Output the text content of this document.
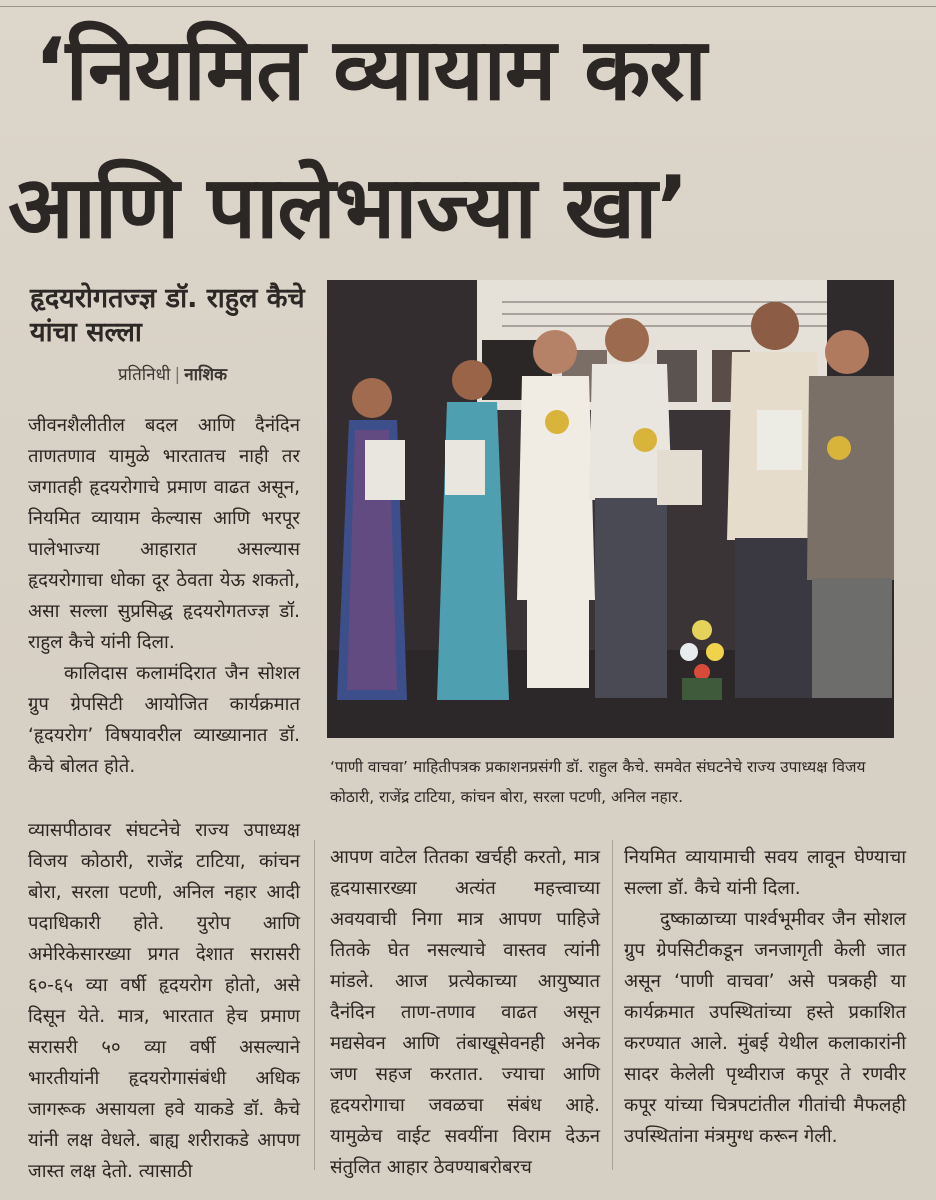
‘नियमित व्यायाम करा
आणि पालेभाज्या खा’
हृदयरोगतज्ज्ञ डॉ. राहुल कैचे यांचा सल्ला
प्रतिनिधी | नाशिक

जीवनशैलीतील बदल आणि दैनंदिन ताणतणाव यामुळे भारतातच नाही तर जगातही हृदयरोगाचे प्रमाण वाढत असून, नियमित व्यायाम केल्यास आणि भरपूर पालेभाज्या आहारात असल्यास हृदयरोगाचा धोका दूर ठेवता येऊ शकतो, असा सल्ला सुप्रसिद्ध हृदयरोगतज्ज्ञ डॉ. राहुल कैचे यांनी दिला.

कालिदास कलामंदिरात जैन सोशल ग्रुप ग्रेपसिटी आयोजित कार्यक्रमात ‘हृदयरोग’ विषयावरील व्याख्यानात डॉ. कैचे बोलत होते.

व्यासपीठावर संघटनेचे राज्य उपाध्यक्ष विजय कोठारी, राजेंद्र टाटिया, कांचन बोरा, सरला पटणी, अनिल नहार आदी पदाधिकारी होते. युरोप आणि अमेरिकेसारख्या प्रगत देशात सरासरी ६०-६५ व्या वर्षी हृदयरोग होतो, असे दिसून येते. मात्र, भारतात हेच प्रमाण सरासरी ५० व्या वर्षी असल्याने भारतीयांनी हृदयरोगासंबंधी अधिक जागरूक असायला हवे याकडे डॉ. कैचे यांनी लक्ष वेधले. बाह्य शरीराकडे आपण जास्त लक्ष देतो. त्यासाठी

‘पाणी वाचवा’ माहितीपत्रक प्रकाशनप्रसंगी डॉ. राहुल कैचे. समवेत संघटनेचे राज्य उपाध्यक्ष विजय कोठारी, राजेंद्र टाटिया, कांचन बोरा, सरला पटणी, अनिल नहार.

आपण वाटेल तितका खर्चही करतो, मात्र हृदयासारख्या अत्यंत महत्त्वाच्या अवयवाची निगा मात्र आपण पाहिजे तितके घेत नसल्याचे वास्तव त्यांनी मांडले. आज प्रत्येकाच्या आयुष्यात दैनंदिन ताण-तणाव वाढत असून मद्यसेवन आणि तंबाखूसेवनही अनेक जण सहज करतात. ज्याचा आणि हृदयरोगाचा जवळचा संबंध आहे. यामुळेच वाईट सवयींना विराम देऊन संतुलित आहार ठेवण्याबरोबरच

नियमित व्यायामाची सवय लावून घेण्याचा सल्ला डॉ. कैचे यांनी दिला.

दुष्काळाच्या पार्श्वभूमीवर जैन सोशल ग्रुप ग्रेपसिटीकडून जनजागृती केली जात असून ‘पाणी वाचवा’ असे पत्रकही या कार्यक्रमात उपस्थितांच्या हस्ते प्रकाशित करण्यात आले. मुंबई येथील कलाकारांनी सादर केलेली पृथ्वीराज कपूर ते रणवीर कपूर यांच्या चित्रपटांतील गीतांची मैफलही उपस्थितांना मंत्रमुग्ध करून गेली.
